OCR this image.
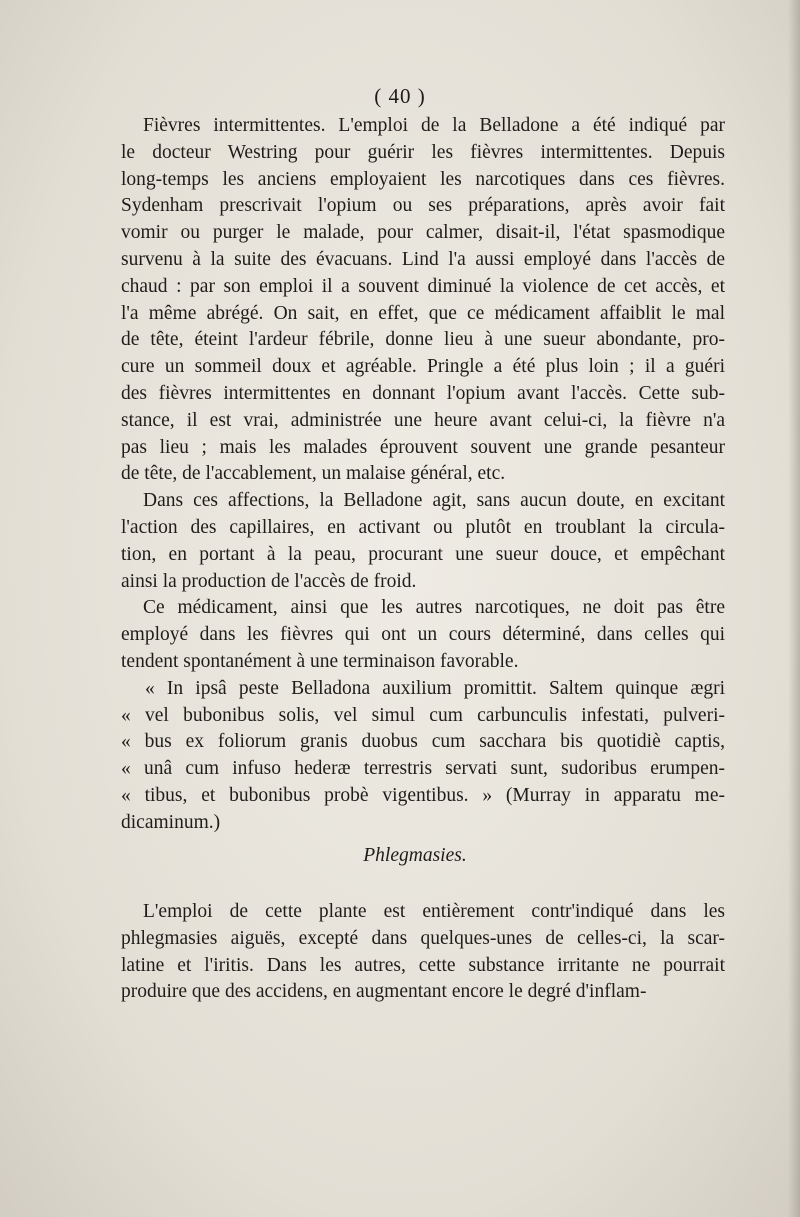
( 40 )
Fièvres intermittentes. L'emploi de la Belladone a été indiqué par
le docteur Westring pour guérir les fièvres intermittentes. Depuis
long-temps les anciens employaient les narcotiques dans ces fièvres.
Sydenham prescrivait l'opium ou ses préparations, après avoir fait
vomir ou purger le malade, pour calmer, disait-il, l'état spasmodique
survenu à la suite des évacuans. Lind l'a aussi employé dans l'accès de
chaud : par son emploi il a souvent diminué la violence de cet accès, et
l'a même abrégé. On sait, en effet, que ce médicament affaiblit le mal
de tête, éteint l'ardeur fébrile, donne lieu à une sueur abondante, pro-
cure un sommeil doux et agréable. Pringle a été plus loin ; il a guéri
des fièvres intermittentes en donnant l'opium avant l'accès. Cette sub-
stance, il est vrai, administrée une heure avant celui-ci, la fièvre n'a
pas lieu ; mais les malades éprouvent souvent une grande pesanteur
de tête, de l'accablement, un malaise général, etc.
Dans ces affections, la Belladone agit, sans aucun doute, en excitant
l'action des capillaires, en activant ou plutôt en troublant la circula-
tion, en portant à la peau, procurant une sueur douce, et empêchant
ainsi la production de l'accès de froid.
Ce médicament, ainsi que les autres narcotiques, ne doit pas être
employé dans les fièvres qui ont un cours déterminé, dans celles qui
tendent spontanément à une terminaison favorable.
« In ipsâ peste Belladona auxilium promittit. Saltem quinque ægri
« vel bubonibus solis, vel simul cum carbunculis infestati, pulveri-
« bus ex foliorum granis duobus cum sacchara bis quotidiè captis,
« unâ cum infuso hederæ terrestris servati sunt, sudoribus erumpen-
« tibus, et bubonibus probè vigentibus. » (Murray in apparatu me-
dicaminum.)
Phlegmasies.
L'emploi de cette plante est entièrement contr'indiqué dans les
phlegmasies aiguës, excepté dans quelques-unes de celles-ci, la scar-
latine et l'iritis. Dans les autres, cette substance irritante ne pourrait
produire que des accidens, en augmentant encore le degré d'inflam-
